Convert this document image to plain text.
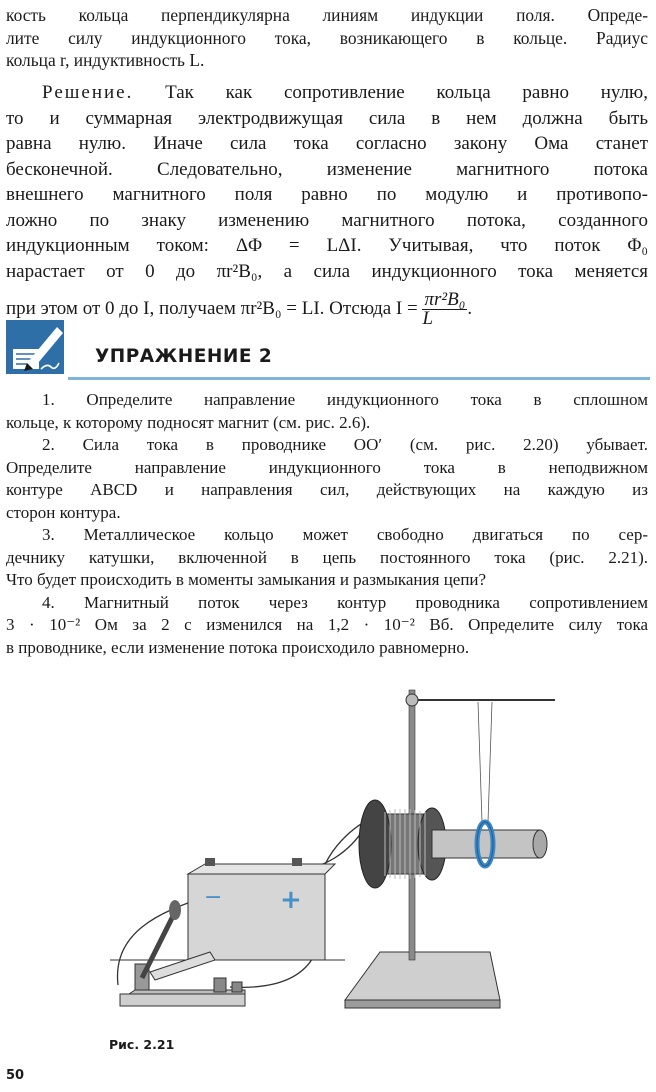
кость кольца перпендикулярна линиям индукции поля. Опреде-
лите силу индукционного тока, возникающего в кольце. Радиус
кольца r, индуктивность L.
Решение. Так как сопротивление кольца равно нулю,
то и суммарная электродвижущая сила в нем должна быть
равна нулю. Иначе сила тока согласно закону Ома станет
бесконечной. Следовательно, изменение магнитного потока
внешнего магнитного поля равно по модулю и противопо-
ложно по знаку изменению магнитного потока, созданного
индукционным током: ΔΦ = LΔI. Учитывая, что поток Φ₀
нарастает от 0 до πr²B₀, а сила индукционного тока меняется
при этом от 0 до I, получаем πr²B₀ = LI. Отсюда $I = \frac{\text{πr²B₀}}{L}$ .
УПРАЖНЕНИЕ 2
1. Определите направление индукционного тока в сплошном
кольце, к которому подносят магнит (см. рис. 2.6).
2. Сила тока в проводнике OO′ (см. рис. 2.20) убывает.
Определите направление индукционного тока в неподвижном
контуре ABCD и направления сил, действующих на каждую из
сторон контура.
3. Металлическое кольцо может свободно двигаться по сер-
дечнику катушки, включенной в цепь постоянного тока (рис. 2.21).
Что будет происходить в моменты замыкания и размыкания цепи?
4. Магнитный поток через контур проводника сопротивлением
3 · 10⁻² Ом за 2 с изменился на 1,2 · 10⁻² Вб. Определите силу тока
в проводнике, если изменение потока происходило равномерно.
− +
Рис. 2.21
50
